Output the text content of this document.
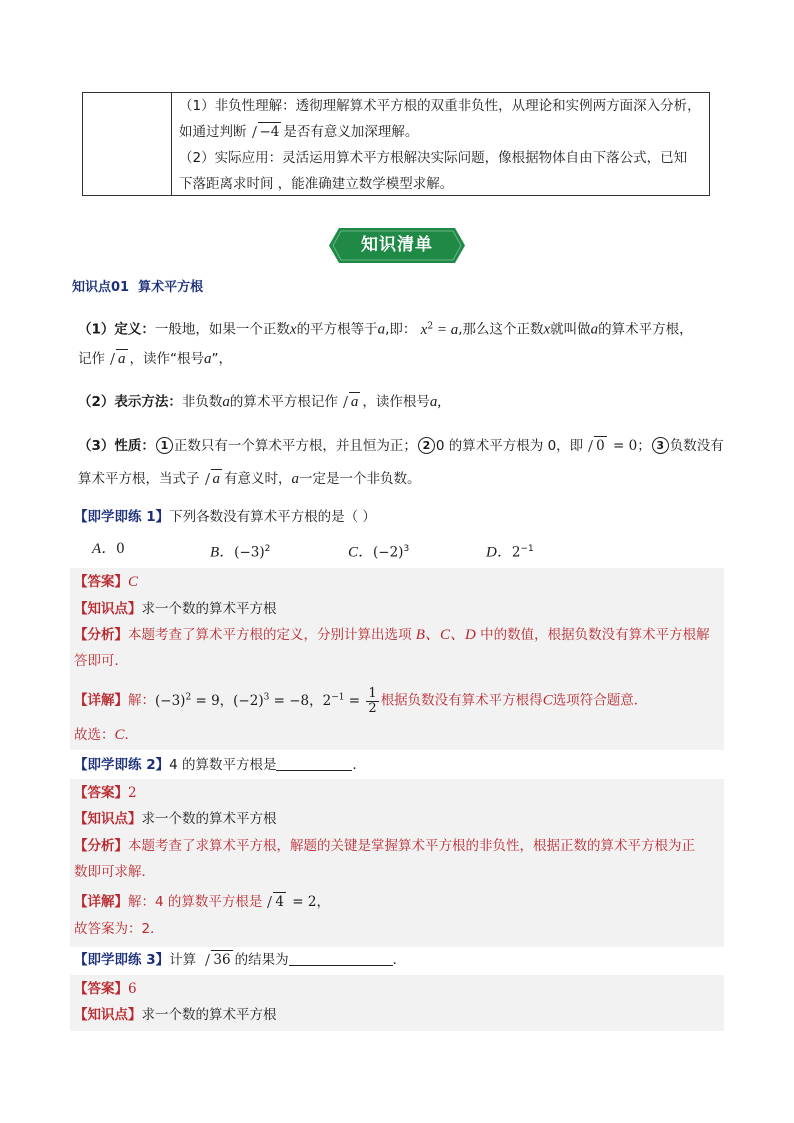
（1）非负性理解：透彻理解算术平方根的双重非负性，从理论和实例两方面深入分析，
如通过判断 −4 是否有意义加深理解。
（2）实际应用：灵活运用算术平方根解决实际问题，像根据物体自由下落公式，已知
下落距离求时间 ，能准确建立数学模型求解。
知识清单
知识点01 算术平方根
（1）定义：一般地，如果一个正数x的平方根等于a,即： $x^2 = a$,那么这个正数x就叫做a的算术平方根，
记作 a ，读作“根号a”，
（2）表示方法：非负数a的算术平方根记作 a ，读作根号a,
（3）性质： 1 正数只有一个算术平方根，并且恒为正； 2 0 的算术平方根为 0，即 0 = 0； 3 负数没有
算术平方根，当式子 a 有意义时，a一定是一个非负数。
【即学即练 1】下列各数没有算术平方根的是（ ）
A．0	B．$(-3)^2$	C．$(-2)^3$	D．$2^{-1}$
【答案】C
【知识点】求一个数的算术平方根
【分析】本题考查了算术平方根的定义，分别计算出选项 B、C、D 中的数值，根据负数没有算术平方根解
答即可．
【详解】解：$(-3)^2 = 9$，$(-2)^3 = -8$，$2^{-1} = \frac{1}{2}$ 根据负数没有算术平方根得C选项符合题意．
故选：C．
【即学即练 2】4 的算数平方根是	．
【答案】2
【知识点】求一个数的算术平方根
【分析】本题考查了求算术平方根，解题的关键是掌握算术平方根的非负性，根据正数的算术平方根为正
数即可求解．
【详解】解：4 的算数平方根是 4 = 2，
故答案为：2．
【即学即练 3】计算 36 的结果为	．
【答案】6
【知识点】求一个数的算术平方根
